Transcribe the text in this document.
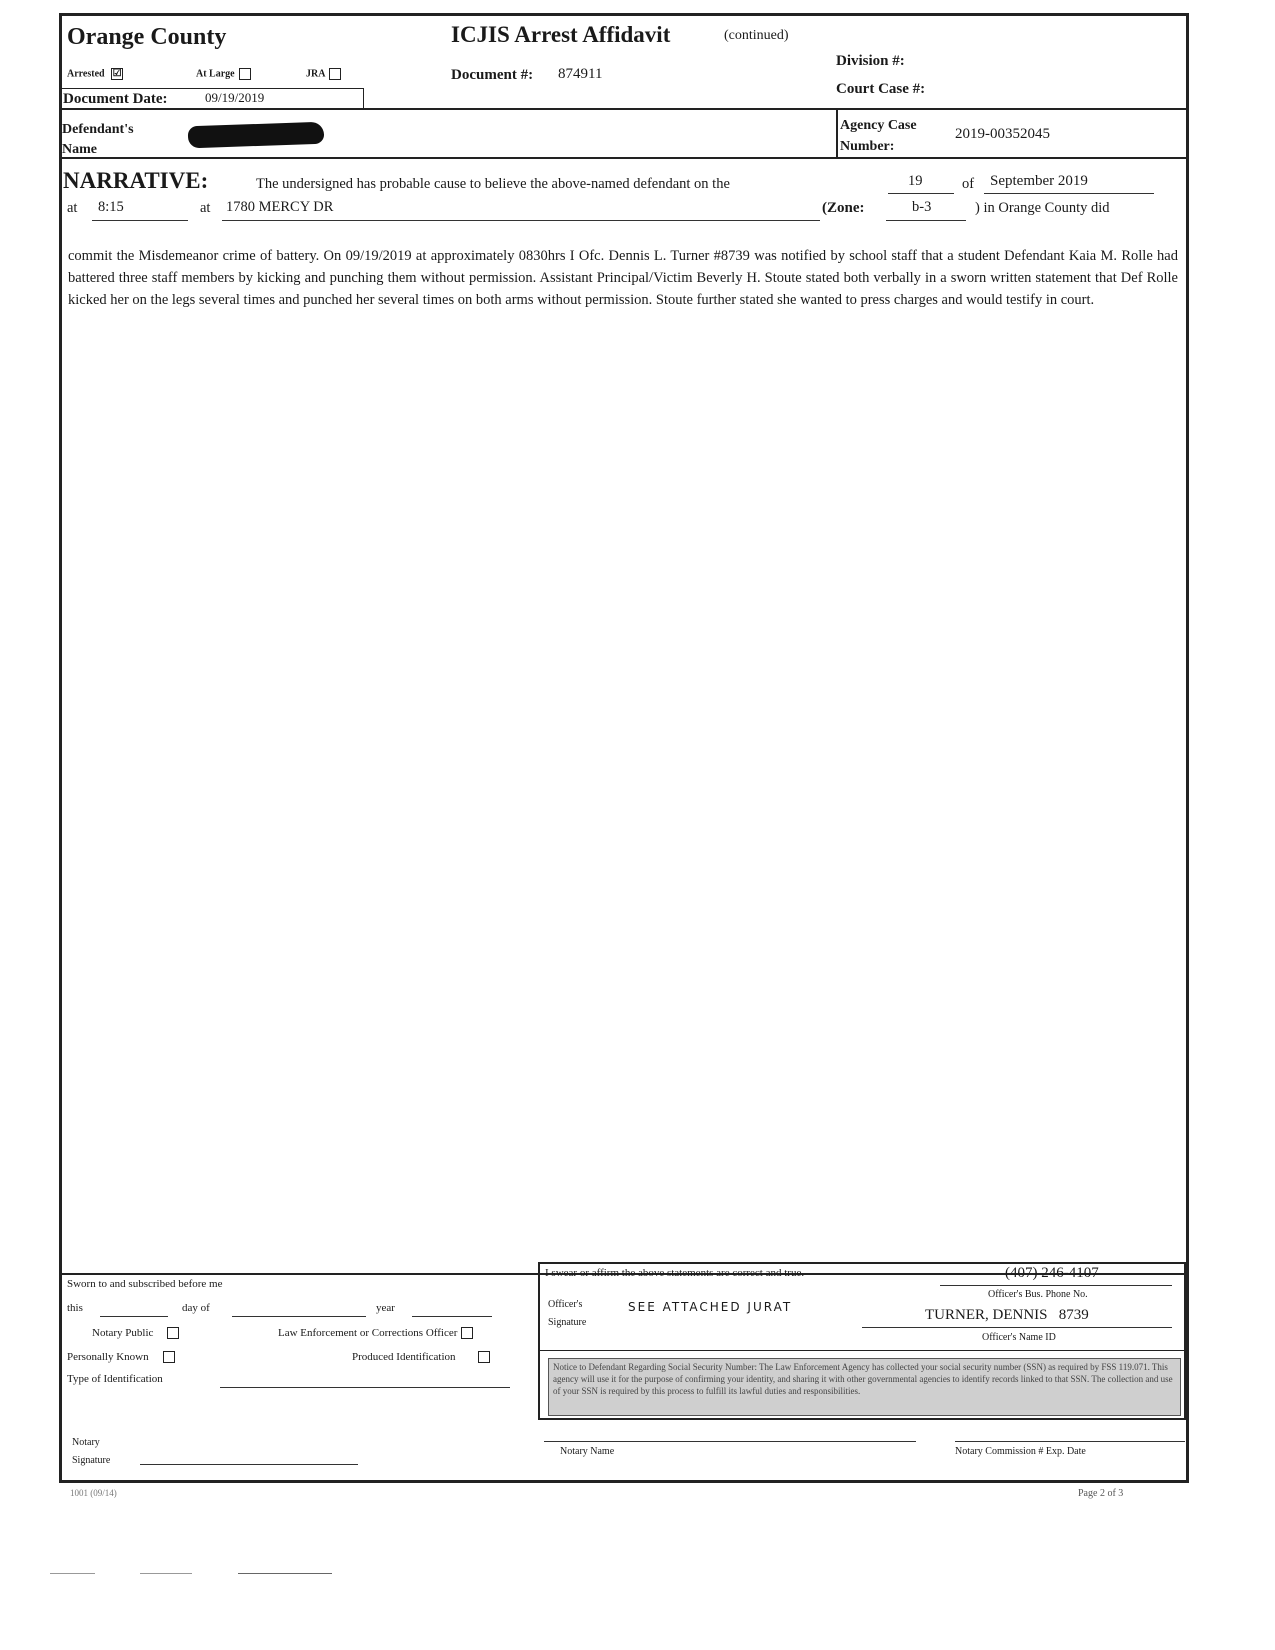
Orange County	ICJIS Arrest Affidavit	(continued)
Arrested ☑	At Large	JRA	Document #: 874911
Division #:
Court Case #:
Document Date:	09/19/2019
Defendant's Name
Agency Case Number:
2019-00352045
NARRATIVE:	The undersigned has probable cause to believe the above-named defendant on the	19	of September 2019
at 8:15	at 1780 MERCY DR	(Zone:	b-3	) in Orange County did
commit the Misdemeanor crime of battery. On 09/19/2019 at approximately 0830hrs I Ofc. Dennis L. Turner #8739 was notified by school staff that a student Defendant Kaia M. Rolle had battered three staff members by kicking and punching them without permission. Assistant Principal/Victim Beverly H. Stoute stated both verbally in a sworn written statement that Def Rolle kicked her on the legs several times and punched her several times on both arms without permission. Stoute further stated she wanted to press charges and would testify in court.
Sworn to and subscribed before me
this	day of	year
Notary Public	Law Enforcement or Corrections Officer
Personally Known	Produced Identification
Type of Identification
Notary Signature
I swear or affirm the above statements are correct and true.	(407) 246-4107
Officer's Bus. Phone No.
Officer's Signature
SEE ATTACHED JURAT	TURNER, DENNIS   8739
Officer's Name ID
Notice to Defendant Regarding Social Security Number: The Law Enforcement Agency has collected your social security number (SSN) as required by FSS 119.071. This agency will use it for the purpose of confirming your identity, and sharing it with other governmental agencies to identify records linked to that SSN. The collection and use of your SSN is required by this process to fulfill its lawful duties and responsibilities.
Notary Name	Notary Commission # Exp. Date
1001 (09/14)	Page 2 of 3
